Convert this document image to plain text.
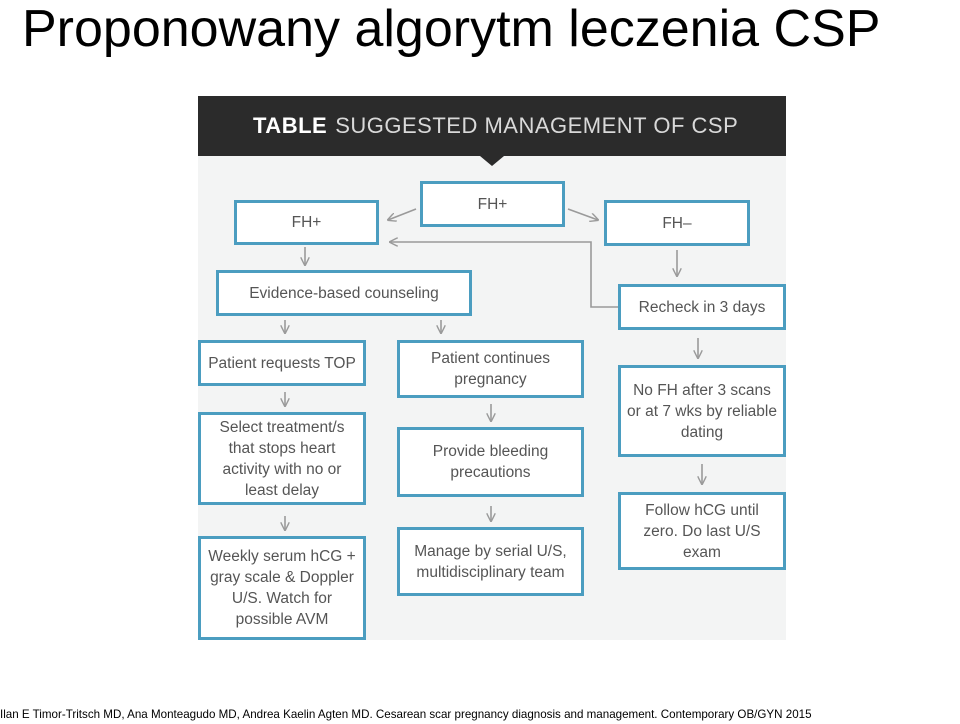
Proponowany algorytm leczenia CSP
TABLE SUGGESTED MANAGEMENT OF CSP
FH+
FH+	FH–
Evidence-based counseling
Recheck in 3 days
Patient requests TOP	Patient continues pregnancy
No FH after 3 scans or at 7 wks by reliable dating
Select treatment/s that stops heart activity with no or least delay
Provide bleeding precautions
Follow hCG until zero. Do last U/S exam
Weekly serum hCG + gray scale & Doppler U/S. Watch for possible AVM
Manage by serial U/S, multidisciplinary team
Ilan E Timor-Tritsch MD, Ana Monteagudo MD, Andrea Kaelin Agten MD. Cesarean scar pregnancy diagnosis and management. Contemporary OB/GYN 2015
